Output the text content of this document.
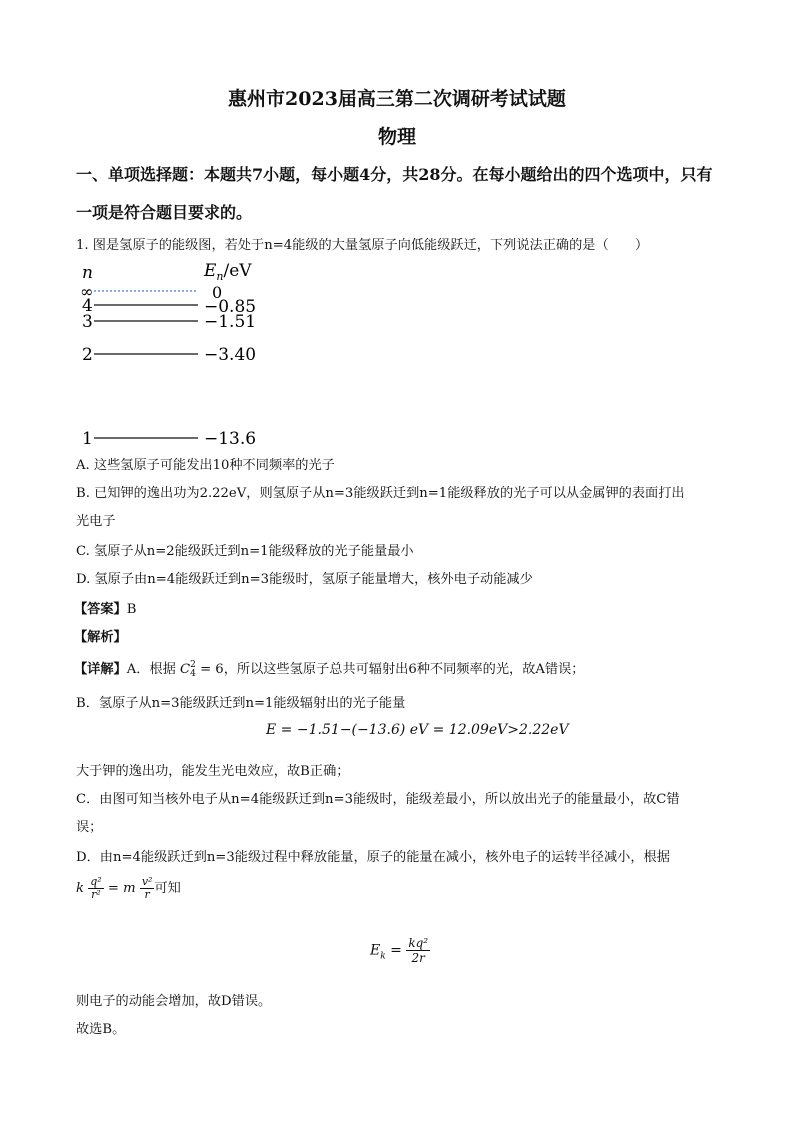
惠州市2023届高三第二次调研考试试题
物理
一、单项选择题：本题共7小题，每小题4分，共28分。在每小题给出的四个选项中，只有
一项是符合题目要求的。
1. 图是氢原子的能级图，若处于n=4能级的大量氢原子向低能级跃迁，下列说法正确的是（　　）
n	$E_n/eV$
∞	0
4	−0.85
3	−1.51
2	−3.40
1	−13.6
A. 这些氢原子可能发出10种不同频率的光子
B. 已知钾的逸出功为2.22eV，则氢原子从n=3能级跃迁到n=1能级释放的光子可以从金属钾的表面打出
光电子
C. 氢原子从n=2能级跃迁到n=1能级释放的光子能量最小
D. 氢原子由n=4能级跃迁到n=3能级时，氢原子能量增大，核外电子动能减少
【答案】B
【解析】
【详解】A．根据 C 2
4 = 6，所以这些氢原子总共可辐射出6种不同频率的光，故A错误；
B．氢原子从n=3能级跃迁到n=1能级辐射出的光子能量
E = −1.51−(−13.6) eV = 12.09eV>2.22eV
大于钾的逸出功，能发生光电效应，故B正确；
C．由图可知当核外电子从n=4能级跃迁到n=3能级时，能级差最小，所以放出光子的能量最小，故C错
误；
D．由n=4能级跃迁到n=3能级过程中释放能量，原子的能量在减小，核外电子的运转半径减小，根据
k $\frac{\text{q²}}{\text{r²}} = m \frac{\text{v²}}{r}$ 可知
$E_k = \frac{\text{kq²}}{2r}$
则电子的动能会增加，故D错误。
故选B。
